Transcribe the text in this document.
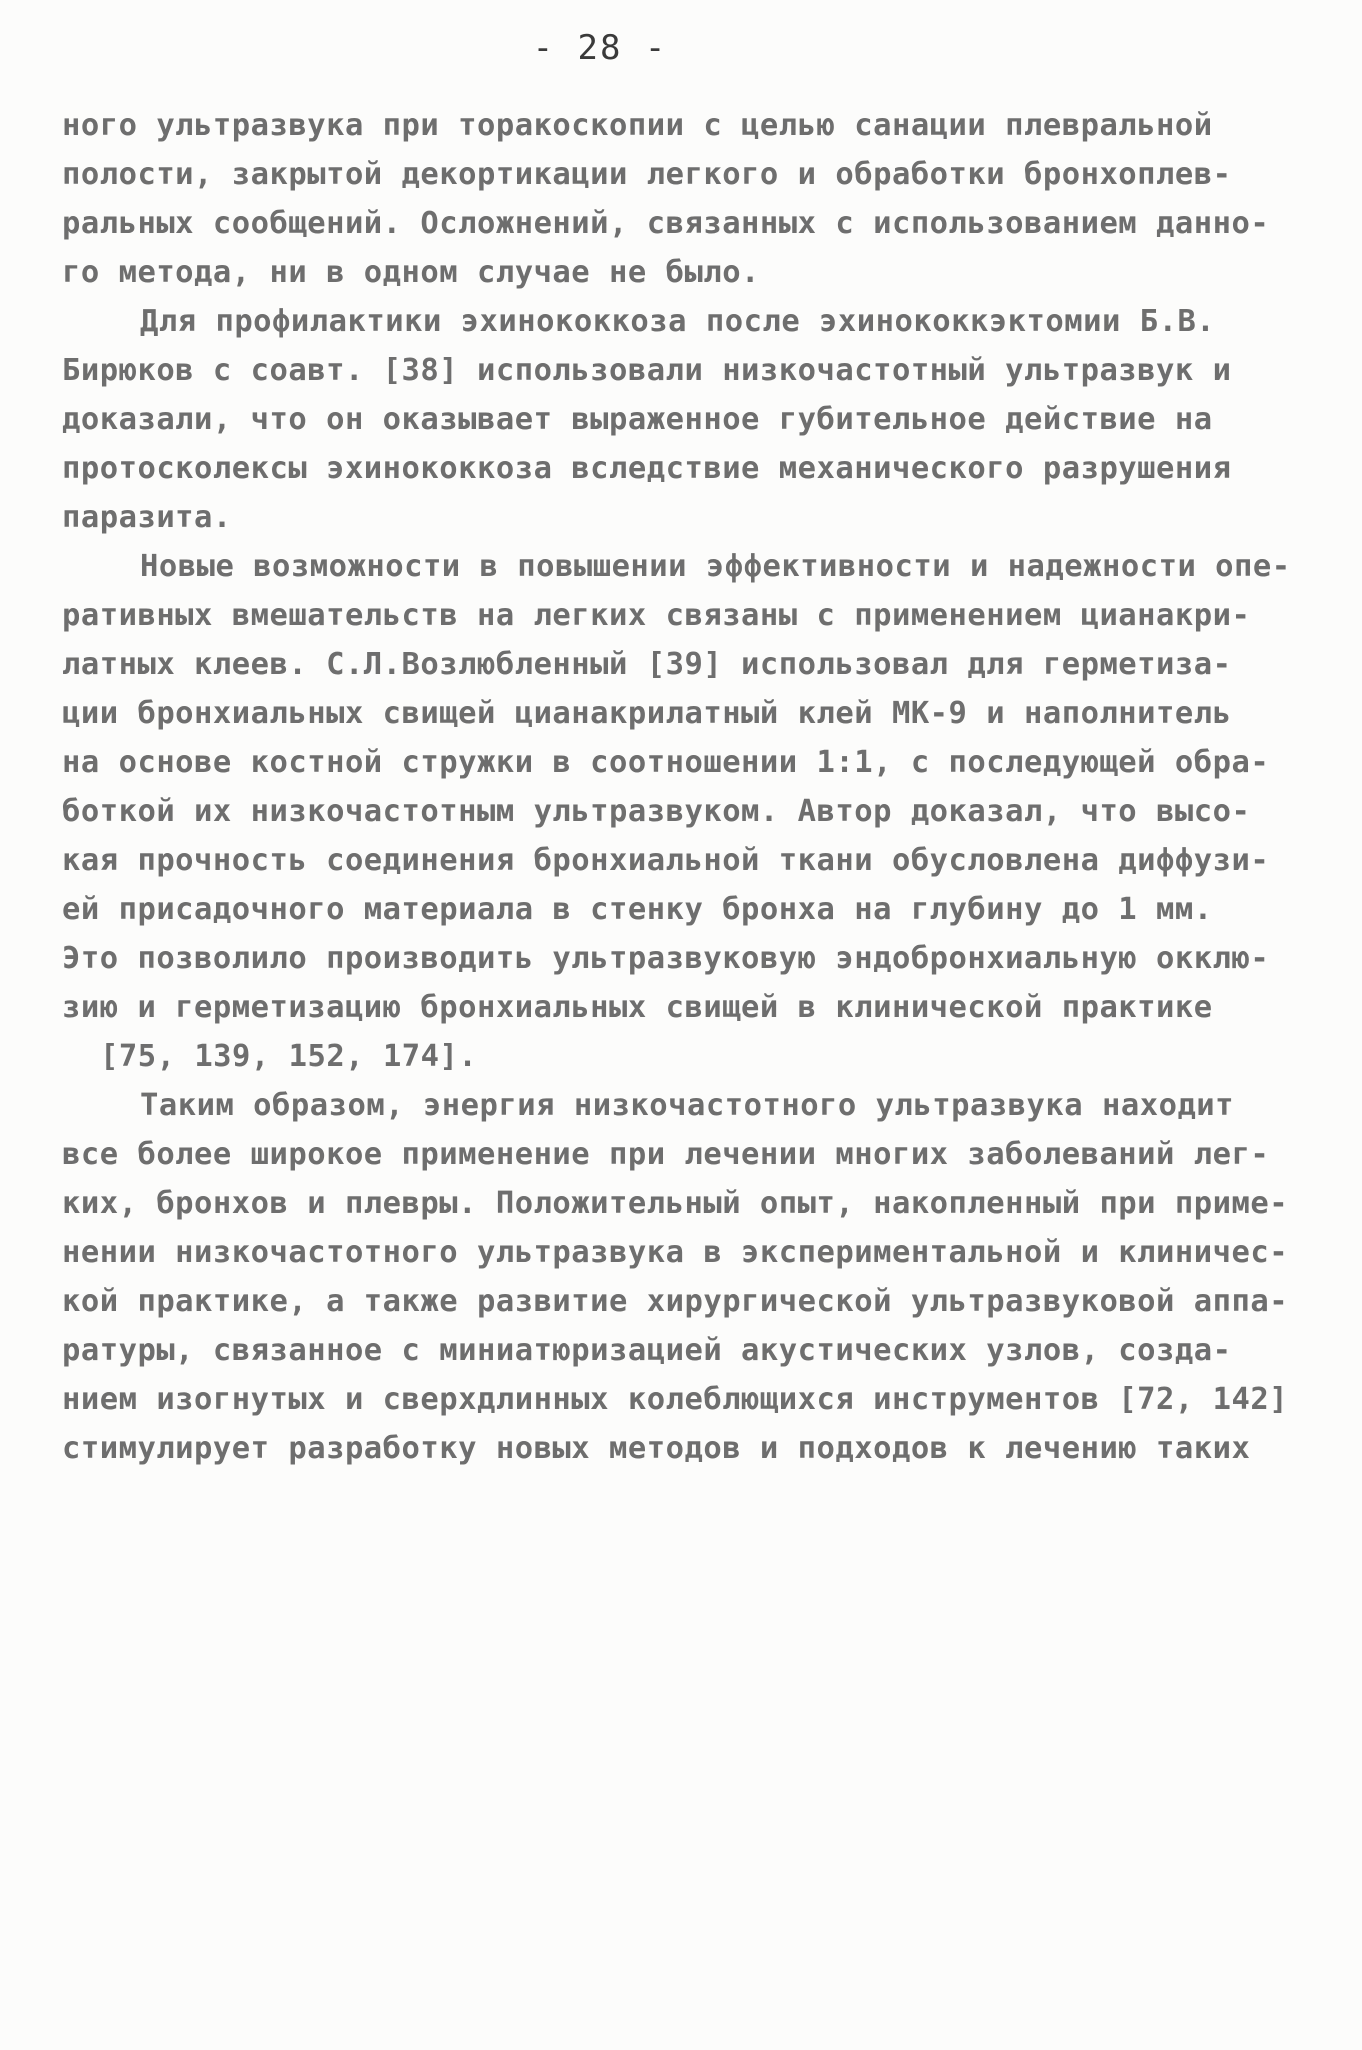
- 28 -
ного ультразвука при торакоскопии с целью санации плевральной
полости, закрытой декортикации легкого и обработки бронхоплев-
ральных сообщений. Осложнений, связанных с использованием данно-
го метода, ни в одном случае не было.
Для профилактики эхинококкоза после эхинококкэктомии Б.В.
Бирюков с соавт. [38] использовали низкочастотный ультразвук и
доказали, что он оказывает выраженное губительное действие на
протосколексы эхинококкоза вследствие механического разрушения
паразита.
Новые возможности в повышении эффективности и надежности опе-
ративных вмешательств на легких связаны с применением цианакри-
латных клеев. С.Л.Возлюбленный [39] использовал для герметиза-
ции бронхиальных свищей цианакрилатный клей МК-9 и наполнитель
на основе костной стружки в соотношении 1:1, с последующей обра-
боткой их низкочастотным ультразвуком. Автор доказал, что высо-
кая прочность соединения бронхиальной ткани обусловлена диффузи-
ей присадочного материала в стенку бронха на глубину до 1 мм.
Это позволило производить ультразвуковую эндобронхиальную окклю-
зию и герметизацию бронхиальных свищей в клинической практике
[75, 139, 152, 174].
Таким образом, энергия низкочастотного ультразвука находит
все более широкое применение при лечении многих заболеваний лег-
ких, бронхов и плевры. Положительный опыт, накопленный при приме-
нении низкочастотного ультразвука в экспериментальной и клиничес-
кой практике, а также развитие хирургической ультразвуковой аппа-
ратуры, связанное с миниатюризацией акустических узлов, созда-
нием изогнутых и сверхдлинных колеблющихся инструментов [72, 142]
стимулирует разработку новых методов и подходов к лечению таких
